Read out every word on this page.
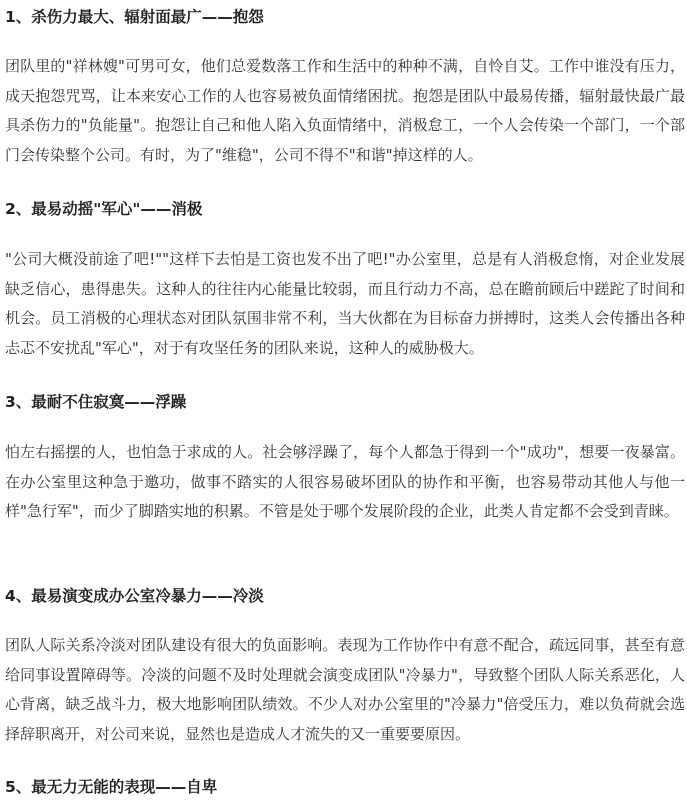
1、杀伤力最大、辐射面最广——抱怨

团队里的"祥林嫂"可男可女，他们总爱数落工作和生活中的种种不满，自怜自艾。工作中谁没有压力，成天抱怨咒骂，让本来安心工作的人也容易被负面情绪困扰。抱怨是团队中最易传播，辐射最快最广最具杀伤力的"负能量"。抱怨让自己和他人陷入负面情绪中，消极怠工，一个人会传染一个部门，一个部门会传染整个公司。有时，为了"维稳"，公司不得不"和谐"掉这样的人。

2、最易动摇"军心"——消极

"公司大概没前途了吧!""这样下去怕是工资也发不出了吧!"办公室里，总是有人消极怠惰，对企业发展缺乏信心，患得患失。这种人的往往内心能量比较弱，而且行动力不高，总在瞻前顾后中蹉跎了时间和机会。员工消极的心理状态对团队氛围非常不利，当大伙都在为目标奋力拼搏时，这类人会传播出各种忐忑不安扰乱"军心"，对于有攻坚任务的团队来说，这种人的威胁极大。

3、最耐不住寂寞——浮躁

怕左右摇摆的人，也怕急于求成的人。社会够浮躁了，每个人都急于得到一个"成功"，想要一夜暴富。在办公室里这种急于邀功，做事不踏实的人很容易破坏团队的协作和平衡，也容易带动其他人与他一样"急行军"，而少了脚踏实地的积累。不管是处于哪个发展阶段的企业，此类人肯定都不会受到青睐。

4、最易演变成办公室冷暴力——冷淡

团队人际关系冷淡对团队建设有很大的负面影响。表现为工作协作中有意不配合，疏远同事，甚至有意给同事设置障碍等。冷淡的问题不及时处理就会演变成团队"冷暴力"，导致整个团队人际关系恶化，人心背离，缺乏战斗力，极大地影响团队绩效。不少人对办公室里的"冷暴力"倍受压力，难以负荷就会选择辞职离开，对公司来说，显然也是造成人才流失的又一重要要原因。

5、最无力无能的表现——自卑
